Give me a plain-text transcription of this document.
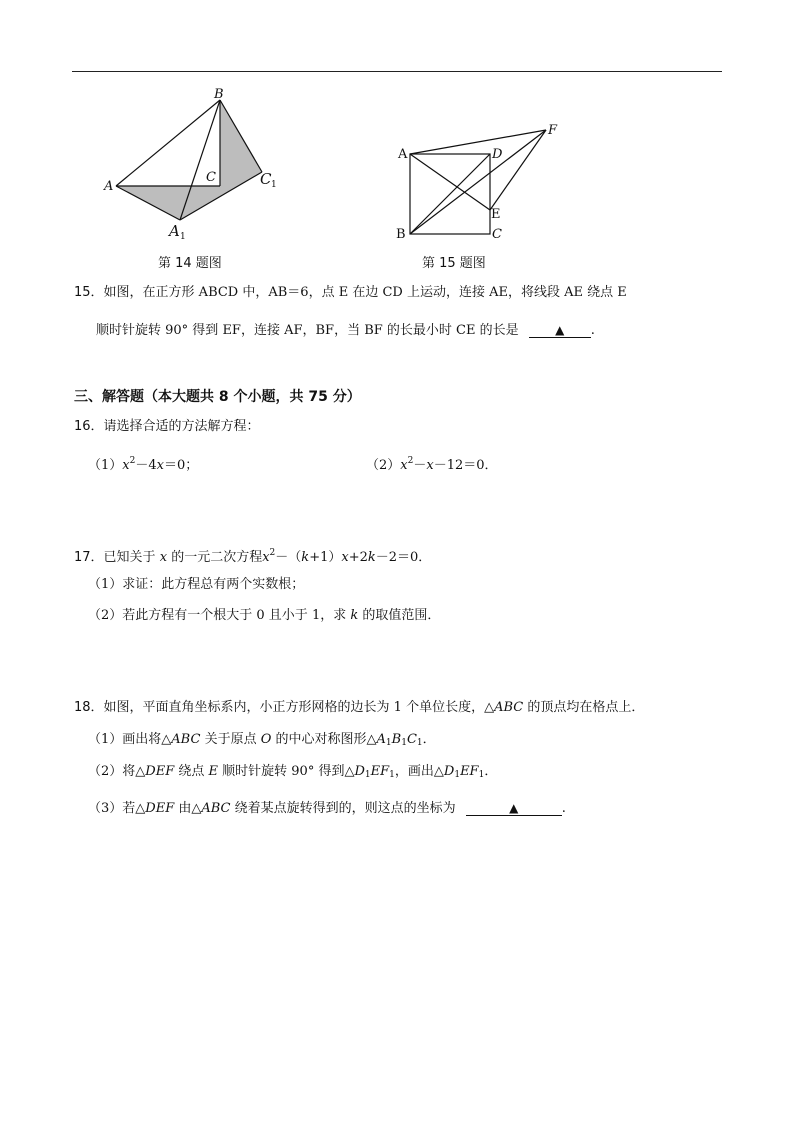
B
C
A	C 1
A 1
第 14 题图
A	D
F
E
B	C
第 15 题图
15．如图，在正方形 ABCD 中，AB＝6，点 E 在边 CD 上运动，连接 AE，将线段 AE 绕点 E
顺时针旋转 90° 得到 EF，连接 AF，BF，当 BF 的长最小时 CE 的长是	▲ .
三、解答题（本大题共 8 个小题，共 75 分）
16．请选择合适的方法解方程：
$(1)x^2-4x=0$；	$(2)x^2-x-12=0$．
17．已知关于 x 的一元二次方程$x^2-(k+1)x+2k-2=0$．
（1）求证：此方程总有两个实数根；
（2）若此方程有一个根大于 0 且小于 1，求 k 的取值范围．
18．如图，平面直角坐标系内，小正方形网格的边长为 1 个单位长度，△ABC 的顶点均在格点上．
（1）画出将△ABC 关于原点 O 的中心对称图形$\triangle A_1B_1C_1$．
（2）将△DEF 绕点 E 顺时针旋转 90° 得到$\triangle D_1EF_1$，画出$\triangle D_1EF_1$．
（3）若△DEF 由△ABC 绕着某点旋转得到的，则这点的坐标为	▲	.
